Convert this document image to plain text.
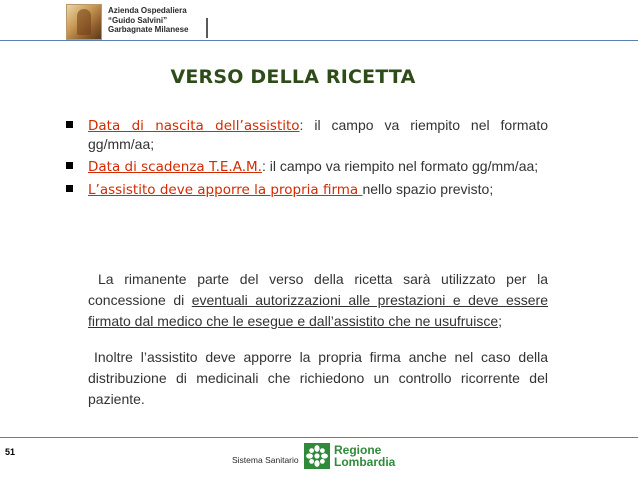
Azienda Ospedaliera
“Guido Salvini”
Garbagnate Milanese
VERSO DELLA RICETTA
Data di nascita dell’assistito: il campo va riempito nel formato gg/mm/aa;
Data di scadenza T.E.A.M.: il campo va riempito nel formato gg/mm/aa;
L’assistito deve apporre la propria firma nello spazio previsto;

La rimanente parte del verso della ricetta sarà utilizzato per la concessione di eventuali autorizzazioni alle prestazioni e deve essere firmato dal medico che le esegue e dall’assistito che ne usufruisce;

Inoltre l’assistito deve apporre la propria firma anche nel caso della distribuzione di medicinali che richiedono un controllo ricorrente del paziente.

51
Sistema Sanitario
Regione
Lombardia
